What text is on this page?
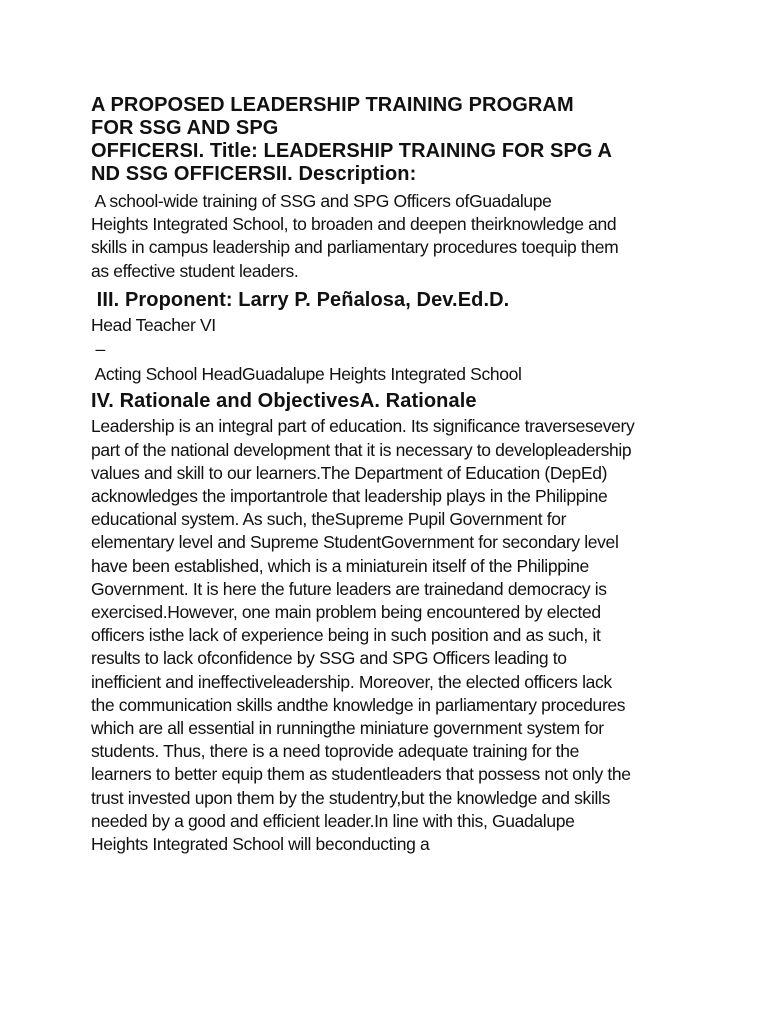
A PROPOSED LEADERSHIP TRAINING PROGRAM
FOR SSG AND SPG
OFFICERSI. Title: LEADERSHIP TRAINING FOR SPG A
ND SSG OFFICERSII. Description:
A school-wide training of SSG and SPG Officers ofGuadalupe
Heights Integrated School, to broaden and deepen theirknowledge and
skills in campus leadership and parliamentary procedures toequip them
as effective student leaders.
III. Proponent: Larry P. Peñalosa, Dev.Ed.D.
Head Teacher VI
–
Acting School HeadGuadalupe Heights Integrated School
IV. Rationale and ObjectivesA. Rationale
Leadership is an integral part of education. Its significance traversesevery
part of the national development that it is necessary to developleadership
values and skill to our learners.The Department of Education (DepEd)
acknowledges the importantrole that leadership plays in the Philippine
educational system. As such, theSupreme Pupil Government for
elementary level and Supreme StudentGovernment for secondary level
have been established, which is a miniaturein itself of the Philippine
Government. It is here the future leaders are trainedand democracy is
exercised.However, one main problem being encountered by elected
officers isthe lack of experience being in such position and as such, it
results to lack ofconfidence by SSG and SPG Officers leading to
inefficient and ineffectiveleadership. Moreover, the elected officers lack
the communication skills andthe knowledge in parliamentary procedures
which are all essential in runningthe miniature government system for
students. Thus, there is a need toprovide adequate training for the
learners to better equip them as studentleaders that possess not only the
trust invested upon them by the studentry,but the knowledge and skills
needed by a good and efficient leader.In line with this, Guadalupe
Heights Integrated School will beconducting a
